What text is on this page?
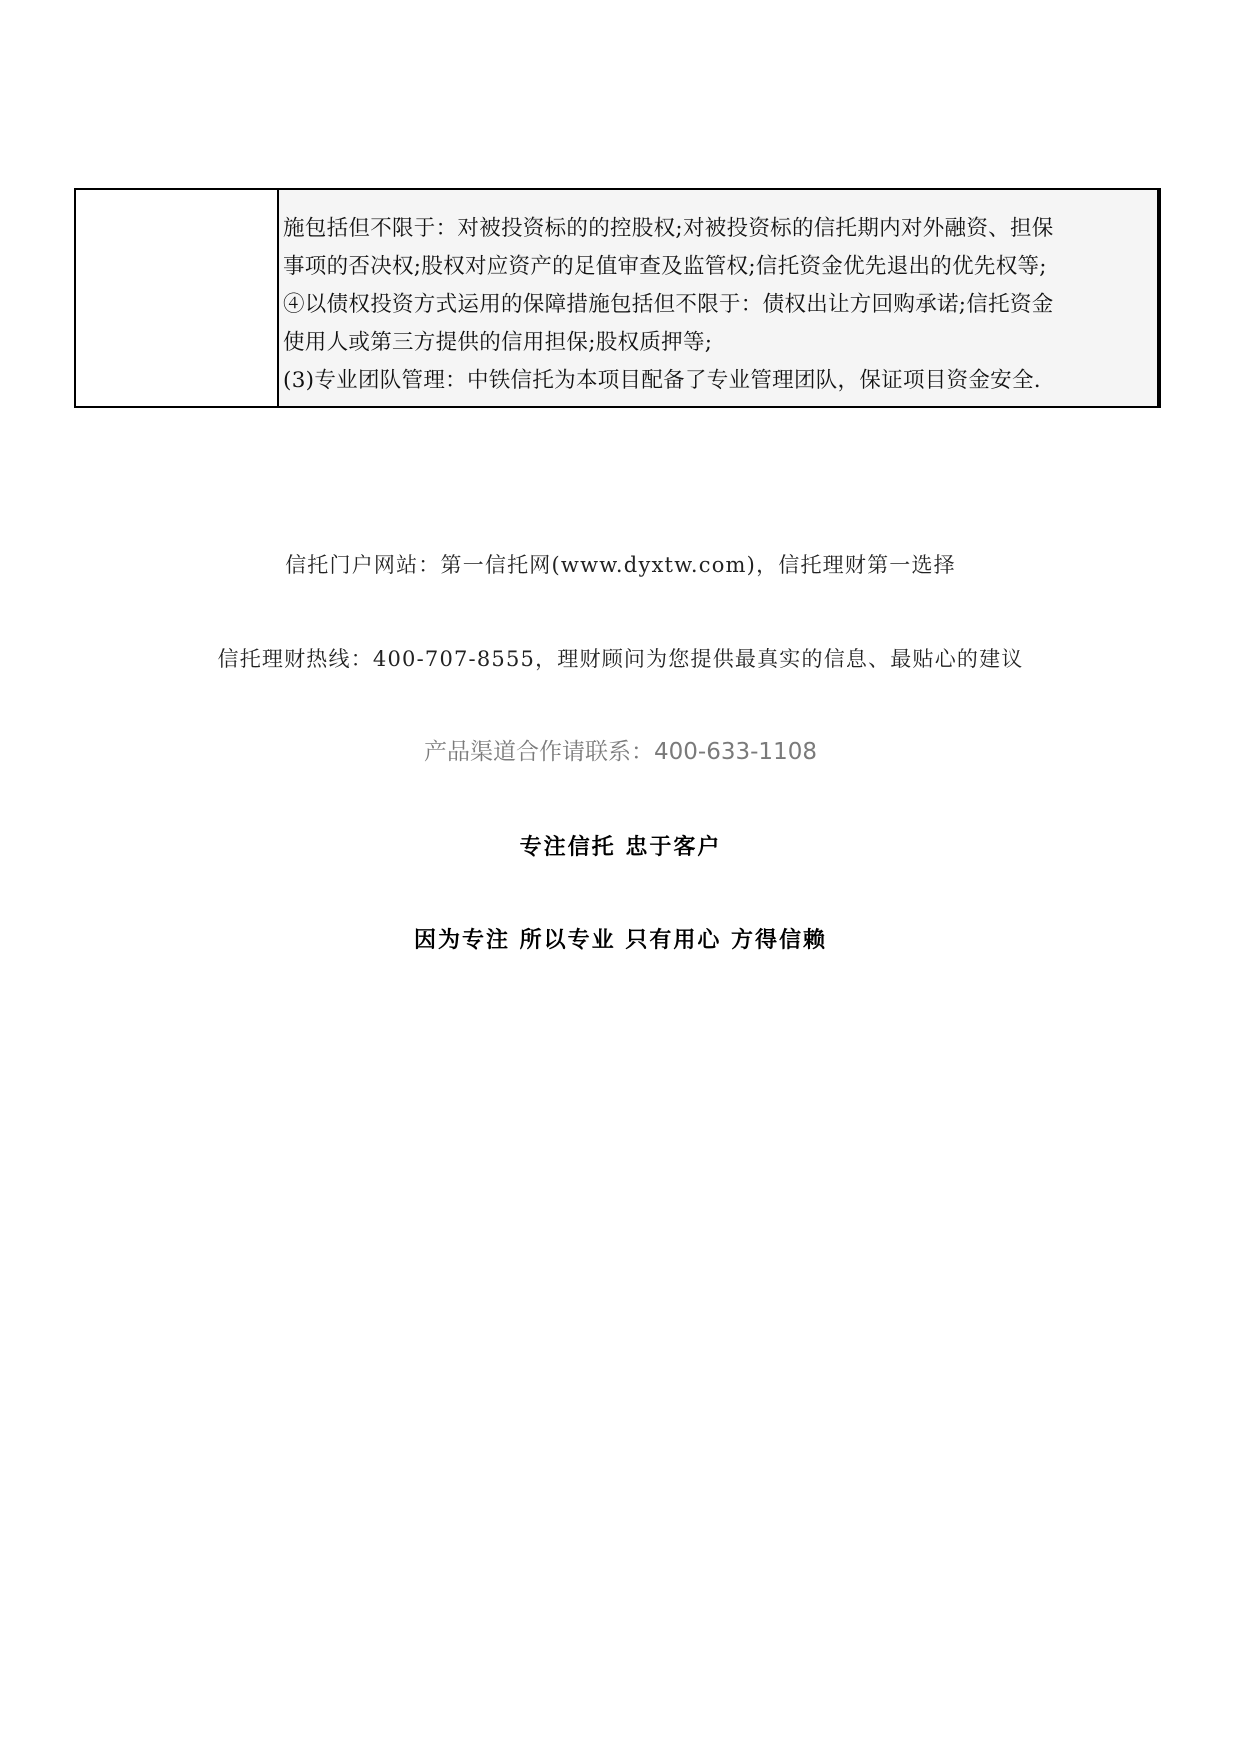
施包括但不限于：对被投资标的的控股权;对被投资标的信托期内对外融资、担保
事项的否决权;股权对应资产的足值审查及监管权;信托资金优先退出的优先权等;
④以债权投资方式运用的保障措施包括但不限于：债权出让方回购承诺;信托资金
使用人或第三方提供的信用担保;股权质押等;
(3)专业团队管理：中铁信托为本项目配备了专业管理团队，保证项目资金安全.
信托门户网站：第一信托网(www.dyxtw.com)，信托理财第一选择
信托理财热线：400-707-8555，理财顾问为您提供最真实的信息、最贴心的建议
产品渠道合作请联系：400-633-1108
专注信托 忠于客户
因为专注 所以专业 只有用心 方得信赖
